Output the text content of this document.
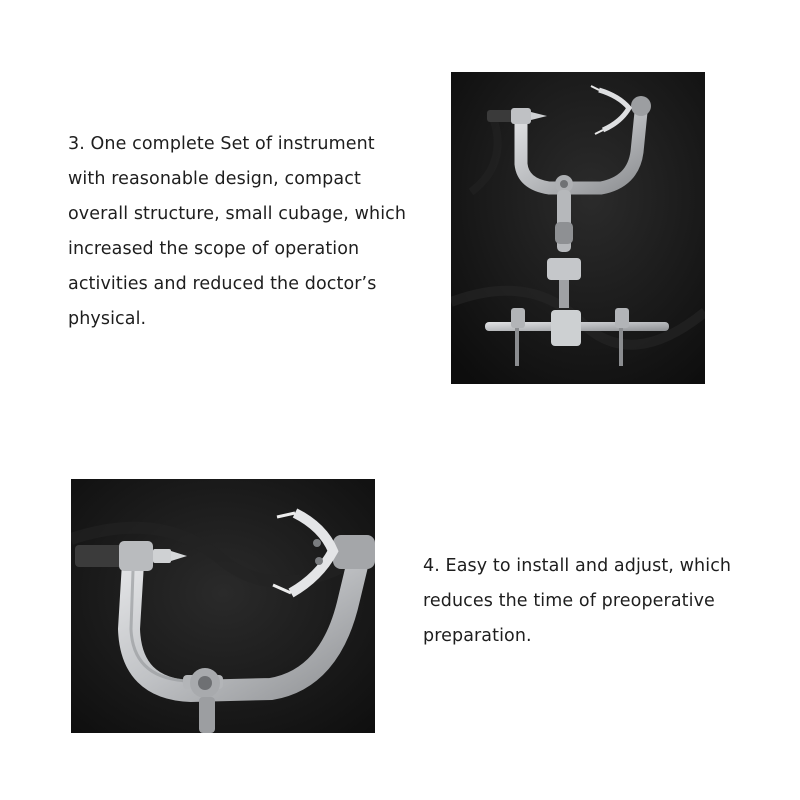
3. One complete Set of instrument
with reasonable design, compact
overall structure, small cubage, which
increased the scope of operation
activities and reduced the doctor’s
physical.
4. Easy to install and adjust, which
reduces the time of preoperative
preparation.
